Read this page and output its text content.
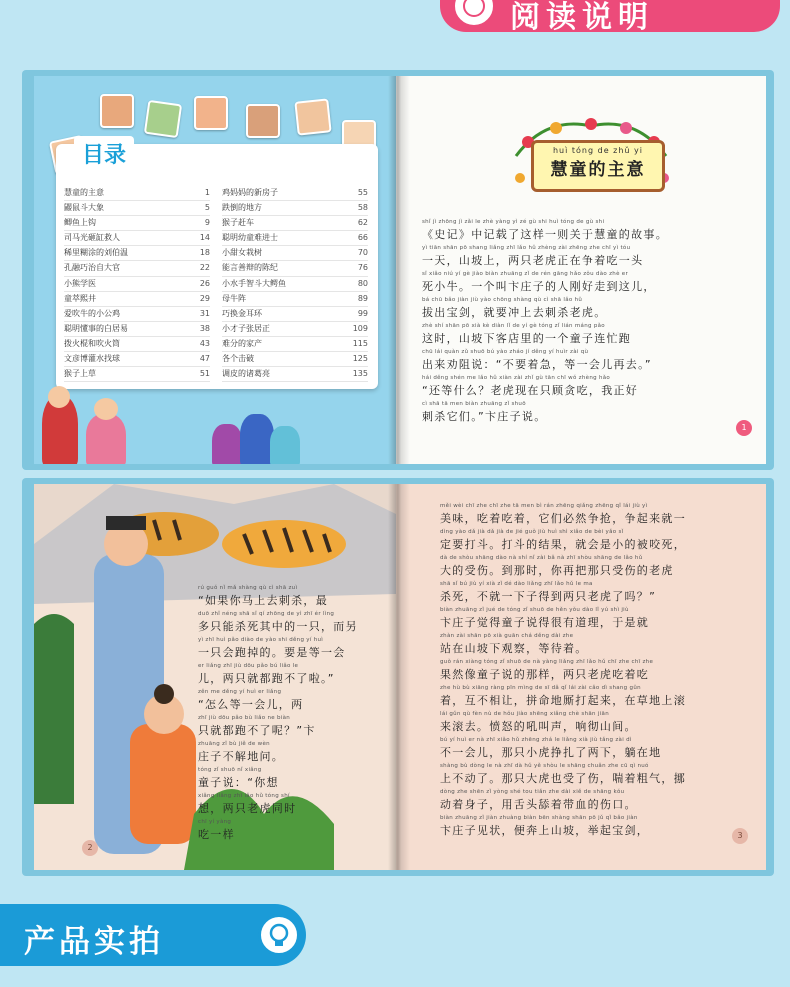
阅读说明
目录
慧童的主意	1
鼹鼠斗大象	5
鲫鱼上钩	9
司马光砸缸救人	14
稀里糊涂的刘伯温	18
孔融巧治自大官	22
小熊学医	26
童萃熙井	29
爱吹牛的小公鸡	31
聪明懂事的白居易	38
拨火棍和吹火筒	43
文彦博灌水找球	47
猴子上草	51
鸡妈妈的新房子	55
跌倒的地方	58
猴子赶车	62
聪明幼童难进士	66
小甜女栽树	70
能言善辩的陈纪	76
小水手智斗大鳄鱼	80
母牛阵	89
巧换金耳环	99
小才子张居正	109
难分的家产	115
各个击破	125
调皮的诸葛亮	135
huì tóng de zhǔ yi
慧童的主意
shǐ jì zhōng jì zǎi le zhè yàng yì zé gù shi huì tóng de gù shi
《史记》中记载了这样一则关于慧童的故事。
yì tiān shān pō shang liǎng zhī lǎo hǔ zhèng zài zhēng zhe chī yì tóu
一天，山坡上，两只老虎正在争着吃一头
sǐ xiǎo niú yí gè jiào biàn zhuāng zǐ de rén gāng hǎo zǒu dào zhè er
死小牛。一个叫卞庄子的人刚好走到这儿，
bá chū bǎo jiàn jiù yào chōng shàng qù cì shā lǎo hǔ
拔出宝剑，就要冲上去刺杀老虎。
zhè shí shān pō xià kè diàn lǐ de yí gè tóng zǐ lián máng pǎo
这时，山坡下客店里的一个童子连忙跑
chū lái quàn zǔ shuō bú yào zháo jí děng yí huìr zài qù
出来劝阻说：“不要着急，等一会儿再去。”
hái děng shén me lǎo hǔ xiàn zài zhǐ gù tān chī wǒ zhèng hǎo
“还等什么？老虎现在只顾贪吃，我正好
cì shā tā men biàn zhuāng zǐ shuō
刺杀它们。”卞庄子说。
1
rú guǒ nǐ mǎ shàng qù cì shā zuì
“如果你马上去刺杀，最
duō zhǐ néng shā sǐ qí zhōng de yì zhī ér lìng
多只能杀死其中的一只，而另
yì zhī huì pǎo diào de yào shi děng yí huì
一只会跑掉的。要是等一会
er liǎng zhī jiù dōu pǎo bú liǎo le
儿，两只就都跑不了啦。”
zěn me děng yí huì er liǎng
“怎么等一会儿，两
zhī jiù dōu pǎo bù liǎo ne biàn
只就都跑不了呢？”卞
zhuāng zǐ bù jiě de wèn
庄子不解地问。
tóng zǐ shuō nǐ xiǎng
童子说：“你想
xiǎng liǎng zhī lǎo hǔ tóng shí
想，两只老虎同时
chī yí yàng
吃一样
2
měi wèi chī zhe chī zhe tā men bì rán zhēng qiǎng zhēng qǐ lái jiù yì
美味，吃着吃着，它们必然争抢，争起来就一
dìng yào dǎ jià dǎ jià de jié guǒ jiù huì shì xiǎo de bèi yǎo sǐ
定要打斗。打斗的结果，就会是小的被咬死，
dà de shòu shāng dào nà shí nǐ zài bǎ nà zhī shòu shāng de lǎo hǔ
大的受伤。到那时，你再把那只受伤的老虎
shā sǐ bú jiù yí xià zǐ dé dào liǎng zhī lǎo hǔ le ma
杀死，不就一下子得到两只老虎了吗？”
biàn zhuāng zǐ jué de tóng zǐ shuō de hěn yǒu dào lǐ yú shì jiù
卞庄子觉得童子说得很有道理，于是就
zhàn zài shān pō xià guān chá děng dài zhe
站在山坡下观察，等待着。
guǒ rán xiàng tóng zǐ shuō de nà yàng liǎng zhī lǎo hǔ chī zhe chī zhe
果然像童子说的那样，两只老虎吃着吃
zhe hù bù xiāng ràng pīn mìng de sī dǎ qǐ lái zài cǎo dì shang gǔn
着，互不相让，拼命地厮打起来，在草地上滚
lái gǔn qù fèn nù de hǒu jiào shēng xiǎng chè shān jiān
来滚去。愤怒的吼叫声，响彻山间。
bú yí huì er nà zhī xiǎo hǔ zhēng zhá le liǎng xià jiù tǎng zài dì
不一会儿，那只小虎挣扎了两下，躺在地
shàng bù dòng le nà zhī dà hǔ yě shòu le shāng chuǎn zhe cū qì nuó
上不动了。那只大虎也受了伤，喘着粗气，挪
dòng zhe shēn zǐ yòng shé tou tiǎn zhe dài xiě de shāng kǒu
动着身子，用舌头舔着带血的伤口。
biàn zhuāng zǐ jiàn zhuàng biàn bēn shàng shān pō jǔ qǐ bǎo jiàn
卞庄子见状，便奔上山坡，举起宝剑，	3
产品实拍
